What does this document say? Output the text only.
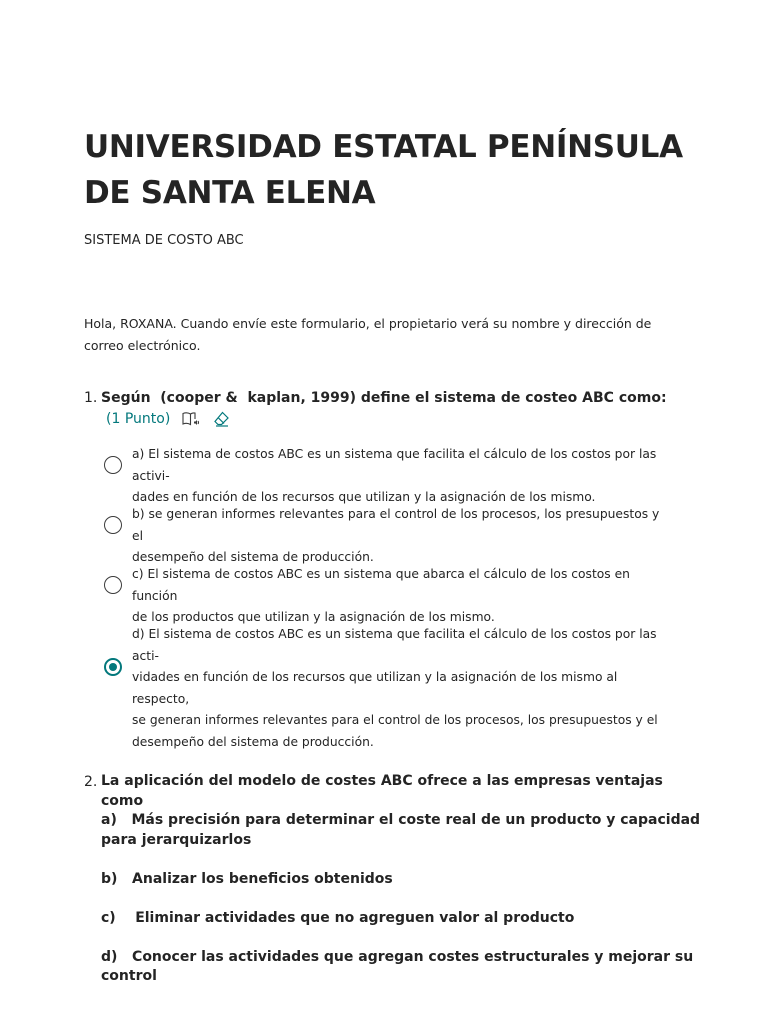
UNIVERSIDAD ESTATAL PENÍNSULA DE SANTA ELENA
SISTEMA DE COSTO ABC
Hola, ROXANA. Cuando envíe este formulario, el propietario verá su nombre y dirección de correo electrónico.
1. Según  (cooper &  kaplan, 1999) define el sistema de costeo ABC como:
(1 Punto)
a) El sistema de costos ABC es un sistema que facilita el cálculo de los costos por las activi-
dades en función de los recursos que utilizan y la asignación de los mismo.
b) se generan informes relevantes para el control de los procesos, los presupuestos y el
desempeño del sistema de producción.
c) El sistema de costos ABC es un sistema que abarca el cálculo de los costos en función
de los productos que utilizan y la asignación de los mismo.
d) El sistema de costos ABC es un sistema que facilita el cálculo de los costos por las acti-
vidades en función de los recursos que utilizan y la asignación de los mismo al respecto,
se generan informes relevantes para el control de los procesos, los presupuestos y el
desempeño del sistema de producción.
2. La aplicación del modelo de costes ABC ofrece a las empresas ventajas como
a)   Más precisión para determinar el coste real de un producto y capacidad
para jerarquizarlos
b)   Analizar los beneficios obtenidos
c)    Eliminar actividades que no agreguen valor al producto
d)   Conocer las actividades que agregan costes estructurales y mejorar su
control
